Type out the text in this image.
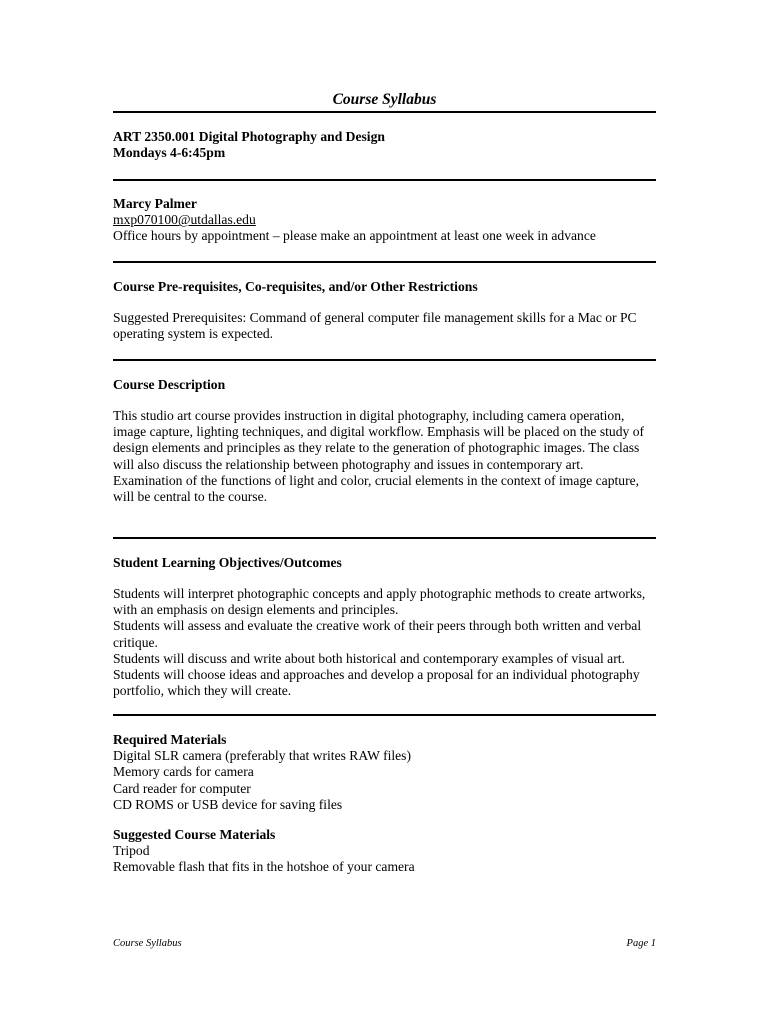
Course Syllabus
ART 2350.001 Digital Photography and Design
Mondays 4-6:45pm
Marcy Palmer
mxp070100@utdallas.edu
Office hours by appointment – please make an appointment at least one week in advance
Course Pre-requisites, Co-requisites, and/or Other Restrictions
Suggested Prerequisites: Command of general computer file management skills for a Mac or PC
operating system is expected.
Course Description
This studio art course provides instruction in digital photography, including camera operation,
image capture, lighting techniques, and digital workflow. Emphasis will be placed on the study of
design elements and principles as they relate to the generation of photographic images. The class
will also discuss the relationship between photography and issues in contemporary art.
Examination of the functions of light and color, crucial elements in the context of image capture,
will be central to the course.
Student Learning Objectives/Outcomes
Students will interpret photographic concepts and apply photographic methods to create artworks,
with an emphasis on design elements and principles.
Students will assess and evaluate the creative work of their peers through both written and verbal
critique.
Students will discuss and write about both historical and contemporary examples of visual art.
Students will choose ideas and approaches and develop a proposal for an individual photography
portfolio, which they will create.
Required Materials
Digital SLR camera (preferably that writes RAW files)
Memory cards for camera
Card reader for computer
CD ROMS or USB device for saving files
Suggested Course Materials
Tripod
Removable flash that fits in the hotshoe of your camera
Course Syllabus	Page 1
